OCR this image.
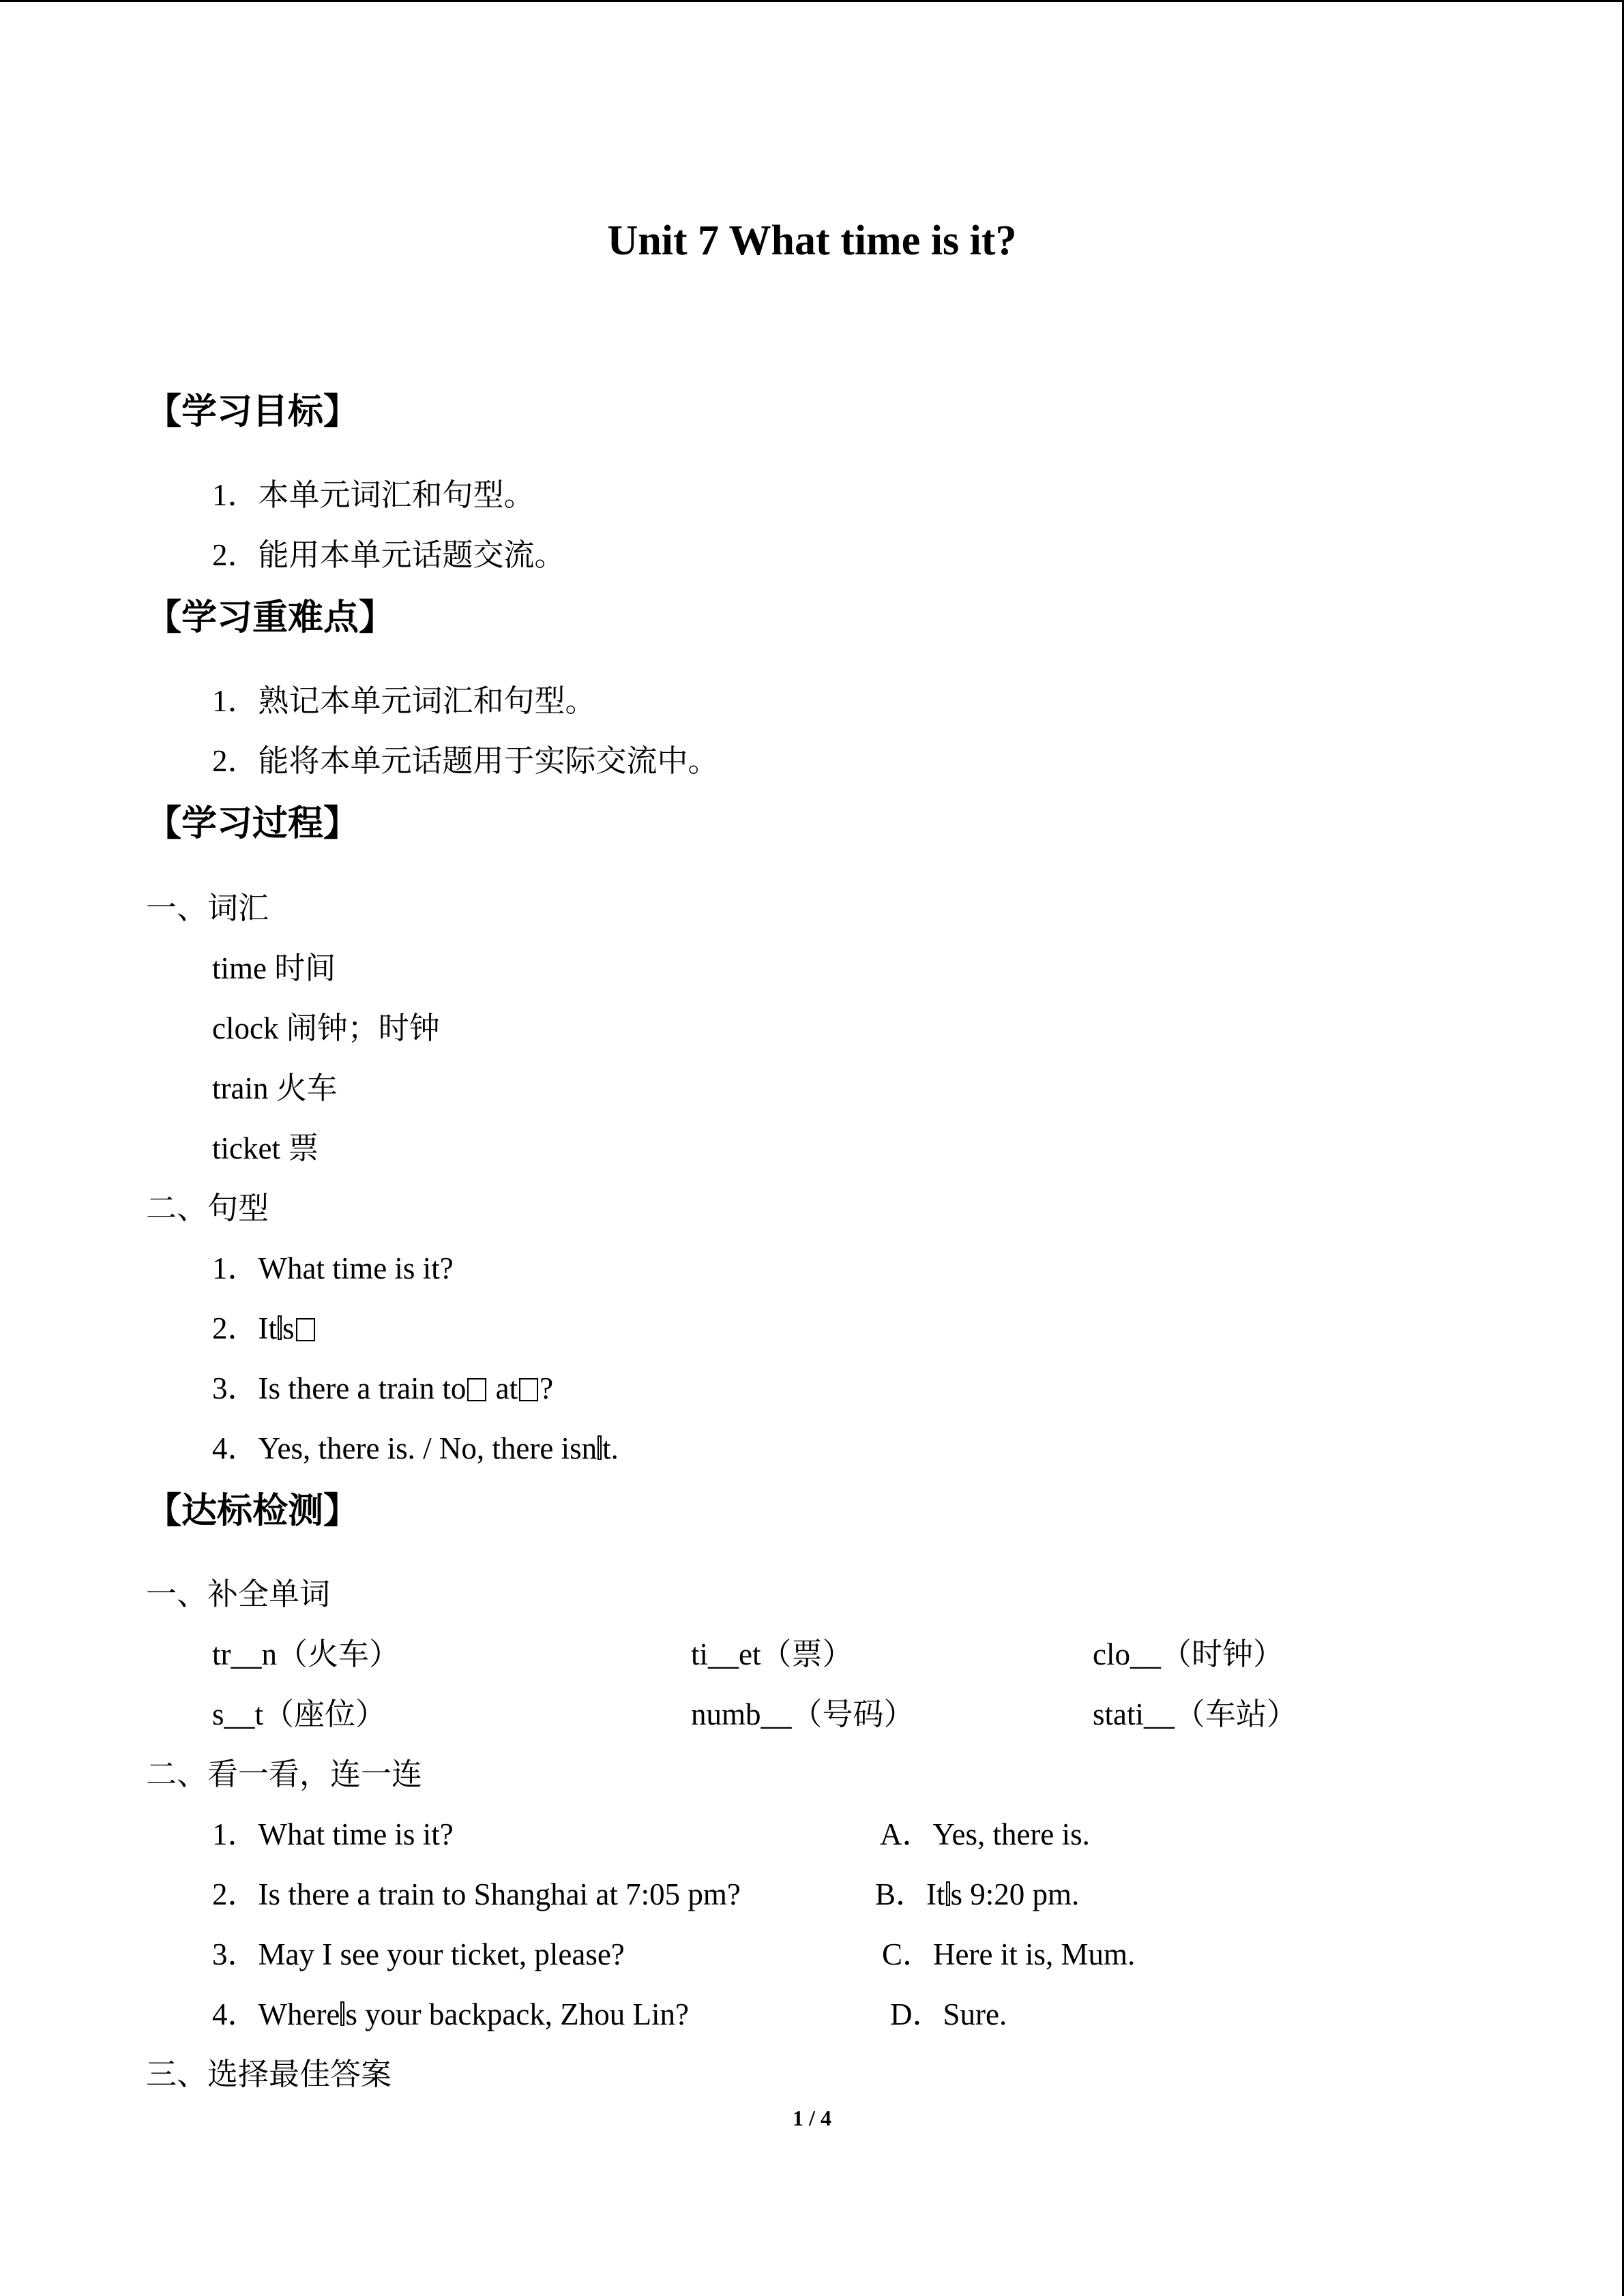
Unit 7 What time is it?
【学习目标】
1．本单元词汇和句型。
2．能用本单元话题交流。
【学习重难点】
1．熟记本单元词汇和句型。
2．能将本单元话题用于实际交流中。
【学习过程】
一、词汇
time 时间
clock 闹钟；时钟
train 火车
ticket 票
二、句型
1．What time is it?
2．It s
3．Is there a train to at ?
4．Yes, there is. / No, there isn t.
【达标检测】
一、补全单词
tr__n（火车）	ti__et（票）	clo__（时钟）
s__t（座位）	numb__（号码）	stati__（车站）
二、看一看，连一连
1．What time is it?	A．Yes, there is.
2．Is there a train to Shanghai at 7:05 pm?	B．It s 9:20 pm.
3．May I see your ticket, please?	C．Here it is, Mum.
4．Where s your backpack, Zhou Lin?	D．Sure.
三、选择最佳答案
1 / 4
